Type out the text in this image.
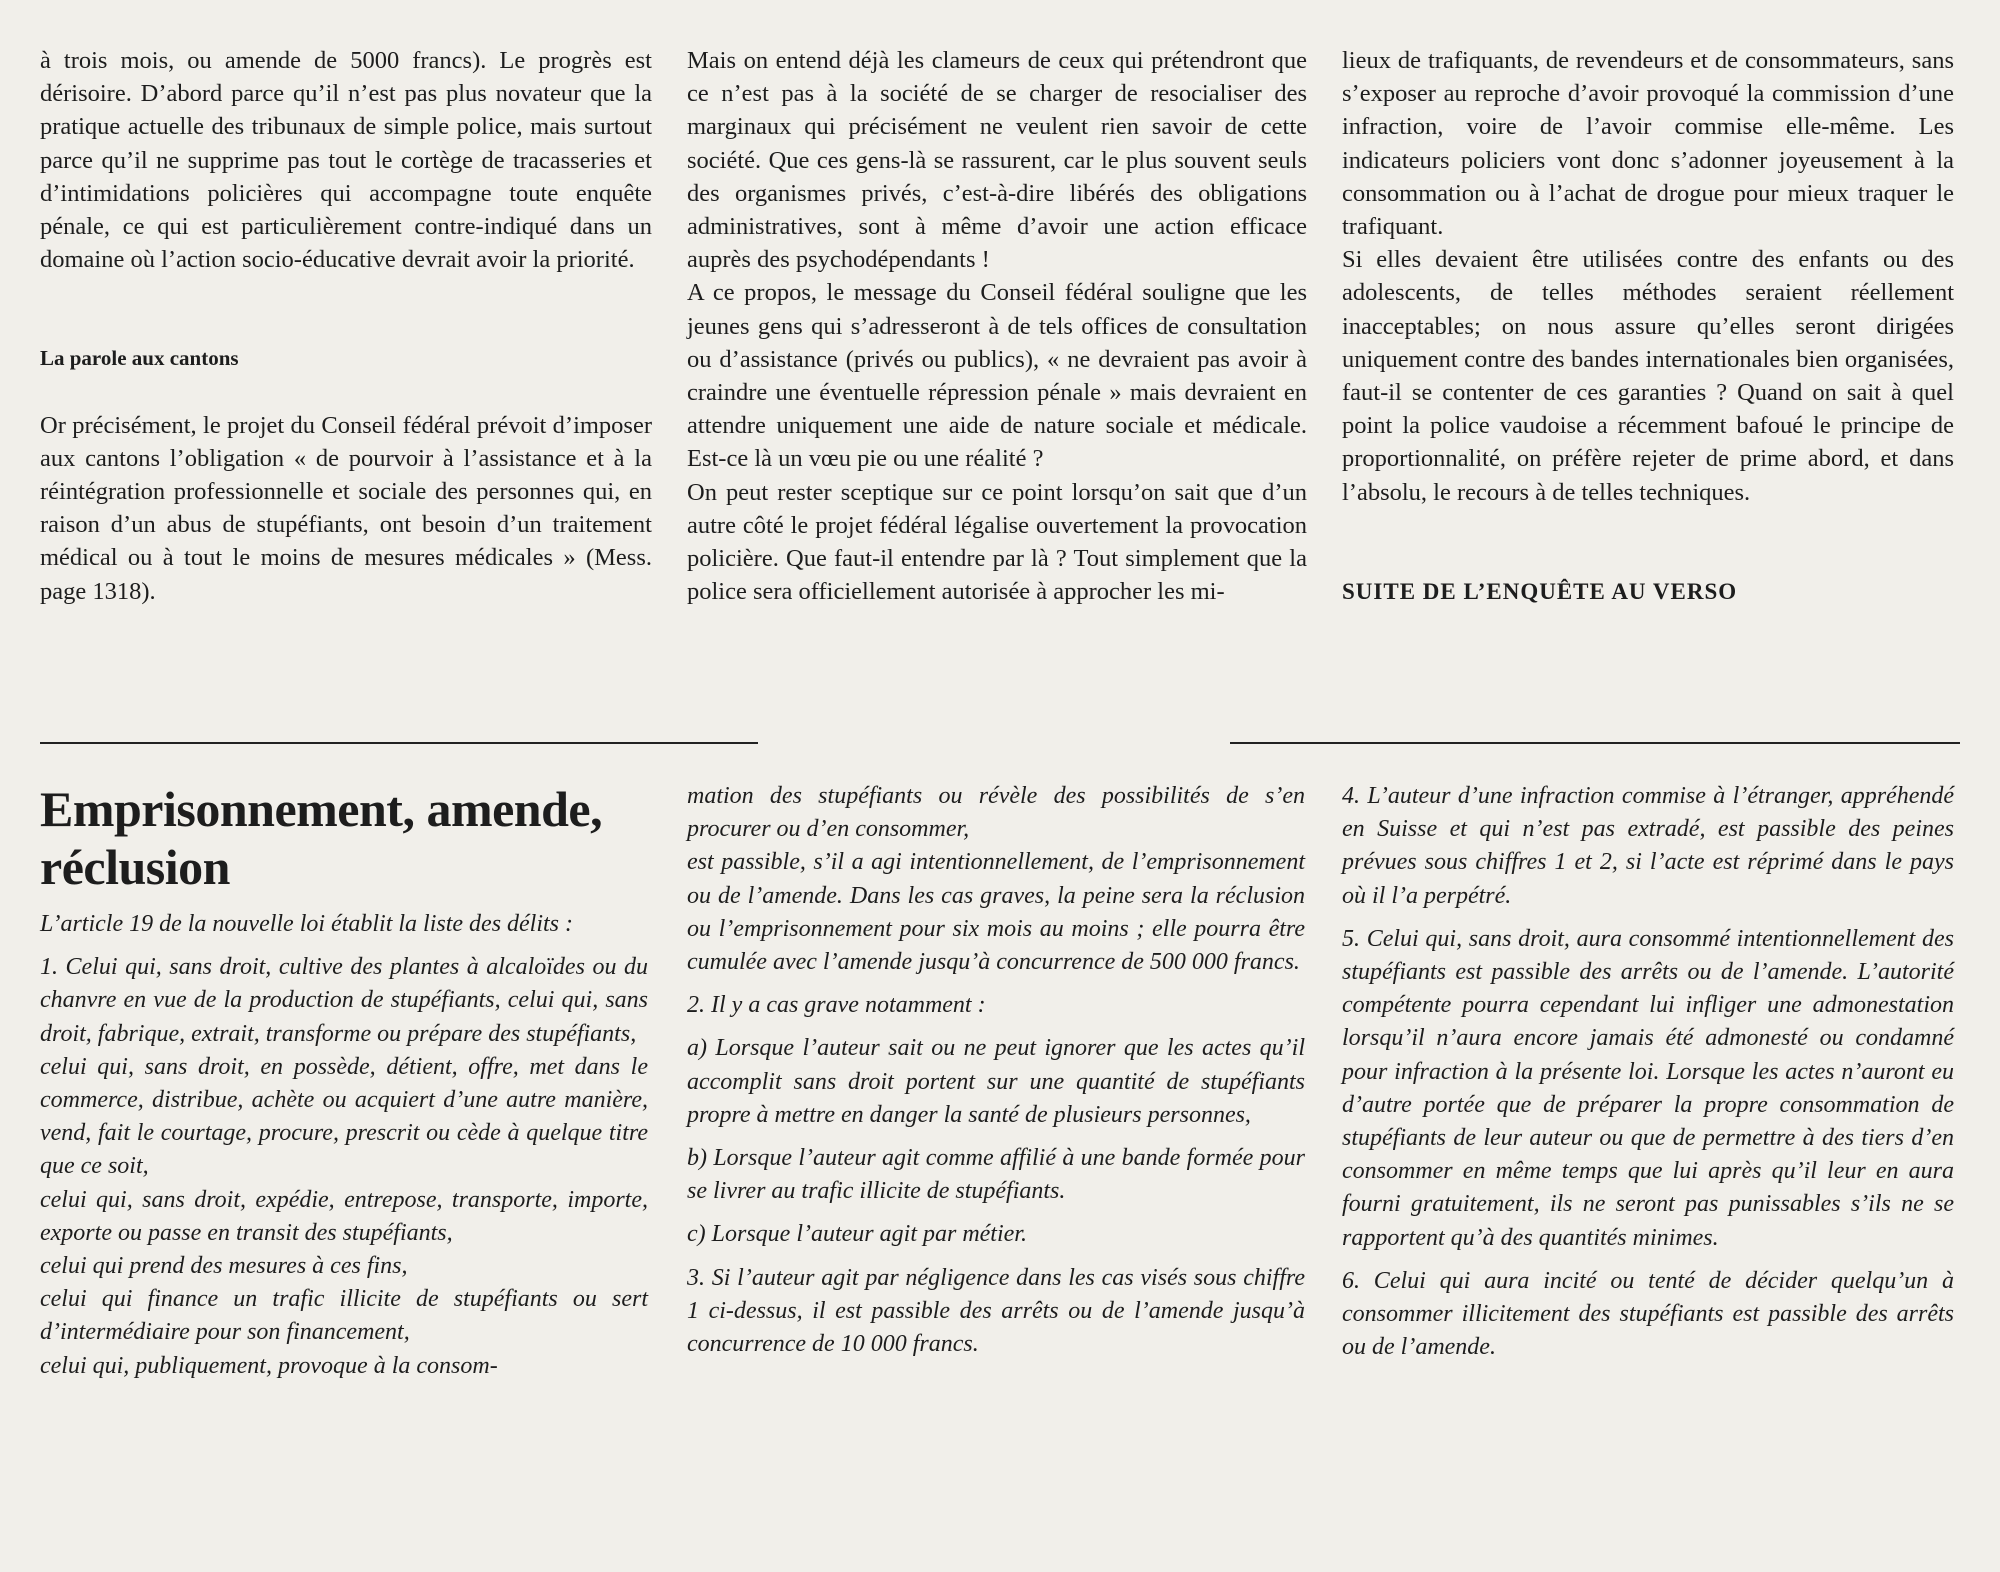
à trois mois, ou amende de 5000 francs). Le progrès est dérisoire. D’abord parce qu’il n’est pas plus novateur que la pratique actuelle des tribunaux de simple police, mais surtout parce qu’il ne supprime pas tout le cortège de tracasseries et d’intimidations policières qui accompagne toute enquête pénale, ce qui est particulièrement contre-indiqué dans un domaine où l’action socio-éducative devrait avoir la priorité.

La parole aux cantons

Or précisément, le projet du Conseil fédéral prévoit d’imposer aux cantons l’obligation « de pourvoir à l’assistance et à la réintégration professionnelle et sociale des personnes qui, en raison d’un abus de stupéfiants, ont besoin d’un traitement médical ou à tout le moins de mesures médicales » (Mess. page 1318).

Mais on entend déjà les clameurs de ceux qui prétendront que ce n’est pas à la société de se charger de resocialiser des marginaux qui précisément ne veulent rien savoir de cette société. Que ces gens-là se rassurent, car le plus souvent seuls des organismes privés, c’est-à-dire libérés des obligations administratives, sont à même d’avoir une action efficace auprès des psychodépendants !

A ce propos, le message du Conseil fédéral souligne que les jeunes gens qui s’adresseront à de tels offices de consultation ou d’assistance (privés ou publics), « ne devraient pas avoir à craindre une éventuelle répression pénale » mais devraient en attendre uniquement une aide de nature sociale et médicale. Est-ce là un vœu pie ou une réalité ?

On peut rester sceptique sur ce point lorsqu’on sait que d’un autre côté le projet fédéral légalise ouvertement la provocation policière. Que faut-il entendre par là ? Tout simplement que la police sera officiellement autorisée à approcher les mi-

lieux de trafiquants, de revendeurs et de consommateurs, sans s’exposer au reproche d’avoir provoqué la commission d’une infraction, voire de l’avoir commise elle-même. Les indicateurs policiers vont donc s’adonner joyeusement à la consommation ou à l’achat de drogue pour mieux traquer le trafiquant.

Si elles devaient être utilisées contre des enfants ou des adolescents, de telles méthodes seraient réellement inacceptables; on nous assure qu’elles seront dirigées uniquement contre des bandes internationales bien organisées, faut-il se contenter de ces garanties ? Quand on sait à quel point la police vaudoise a récemment bafoué le principe de proportionnalité, on préfère rejeter de prime abord, et dans l’absolu, le recours à de telles techniques.

SUITE DE L’ENQUÊTE AU VERSO

Emprisonnement, amende, réclusion

L’article 19 de la nouvelle loi établit la liste des délits :

1. Celui qui, sans droit, cultive des plantes à alcaloïdes ou du chanvre en vue de la production de stupéfiants, celui qui, sans droit, fabrique, extrait, transforme ou prépare des stupéfiants,

celui qui, sans droit, en possède, détient, offre, met dans le commerce, distribue, achète ou acquiert d’une autre manière, vend, fait le courtage, procure, prescrit ou cède à quelque titre que ce soit,

celui qui, sans droit, expédie, entrepose, transporte, importe, exporte ou passe en transit des stupéfiants,

celui qui prend des mesures à ces fins,

celui qui finance un trafic illicite de stupéfiants ou sert d’intermédiaire pour son financement,

celui qui, publiquement, provoque à la consom-

mation des stupéfiants ou révèle des possibilités de s’en procurer ou d’en consommer,

est passible, s’il a agi intentionnellement, de l’emprisonnement ou de l’amende. Dans les cas graves, la peine sera la réclusion ou l’emprisonnement pour six mois au moins ; elle pourra être cumulée avec l’amende jusqu’à concurrence de 500 000 francs.

2. Il y a cas grave notamment :

a) Lorsque l’auteur sait ou ne peut ignorer que les actes qu’il accomplit sans droit portent sur une quantité de stupéfiants propre à mettre en danger la santé de plusieurs personnes,

b) Lorsque l’auteur agit comme affilié à une bande formée pour se livrer au trafic illicite de stupéfiants.

c) Lorsque l’auteur agit par métier.

3. Si l’auteur agit par négligence dans les cas visés sous chiffre 1 ci-dessus, il est passible des arrêts ou de l’amende jusqu’à concurrence de 10 000 francs.

4. L’auteur d’une infraction commise à l’étranger, appréhendé en Suisse et qui n’est pas extradé, est passible des peines prévues sous chiffres 1 et 2, si l’acte est réprimé dans le pays où il l’a perpétré.

5. Celui qui, sans droit, aura consommé intentionnellement des stupéfiants est passible des arrêts ou de l’amende. L’autorité compétente pourra cependant lui infliger une admonestation lorsqu’il n’aura encore jamais été admonesté ou condamné pour infraction à la présente loi. Lorsque les actes n’auront eu d’autre portée que de préparer la propre consommation de stupéfiants de leur auteur ou que de permettre à des tiers d’en consommer en même temps que lui après qu’il leur en aura fourni gratuitement, ils ne seront pas punissables s’ils ne se rapportent qu’à des quantités minimes.

6. Celui qui aura incité ou tenté de décider quelqu’un à consommer illicitement des stupéfiants est passible des arrêts ou de l’amende.
